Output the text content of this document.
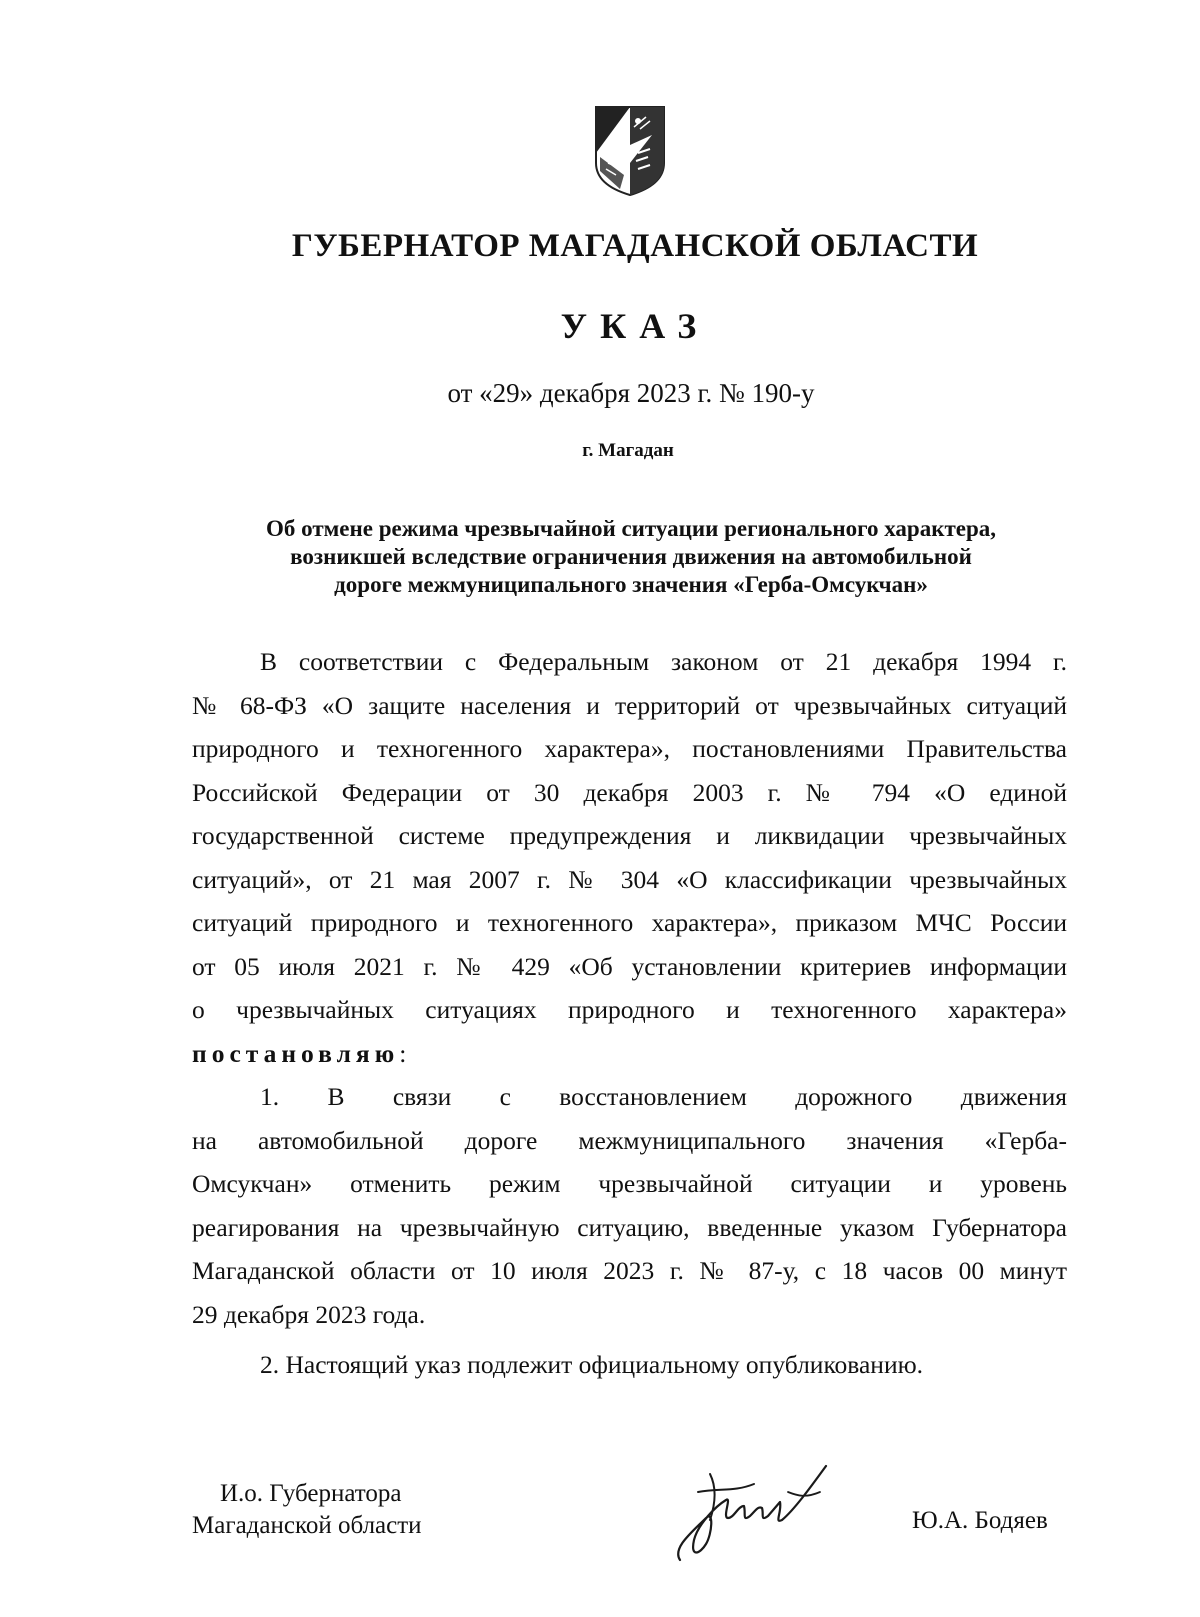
ГУБЕРНАТОР МАГАДАНСКОЙ ОБЛАСТИ
УКАЗ
от «29» декабря 2023 г. № 190-у
г. Магадан
Об отмене режима чрезвычайной ситуации регионального характера,
возникшей вследствие ограничения движения на автомобильной
дороге межмуниципального значения «Герба-Омсукчан»
В соответствии с Федеральным законом от 21 декабря 1994 г.
№ 68-ФЗ «О защите населения и территорий от чрезвычайных ситуаций
природного и техногенного характера», постановлениями Правительства
Российской Федерации от 30 декабря 2003 г. № 794 «О единой
государственной системе предупреждения и ликвидации чрезвычайных
ситуаций», от 21 мая 2007 г. № 304 «О классификации чрезвычайных
ситуаций природного и техногенного характера», приказом МЧС России
от 05 июля 2021 г. № 429 «Об установлении критериев информации
о чрезвычайных ситуациях природного и техногенного характера»
постановляю:
1. В связи с восстановлением дорожного движения
на автомобильной дороге межмуниципального значения «Герба-
Омсукчан» отменить режим чрезвычайной ситуации и уровень
реагирования на чрезвычайную ситуацию, введенные указом Губернатора
Магаданской области от 10 июля 2023 г. № 87-у, с 18 часов 00 минут
29 декабря 2023 года.
2. Настоящий указ подлежит официальному опубликованию.
И.о. Губернатора
Магаданской области	Ю.А. Бодяев
